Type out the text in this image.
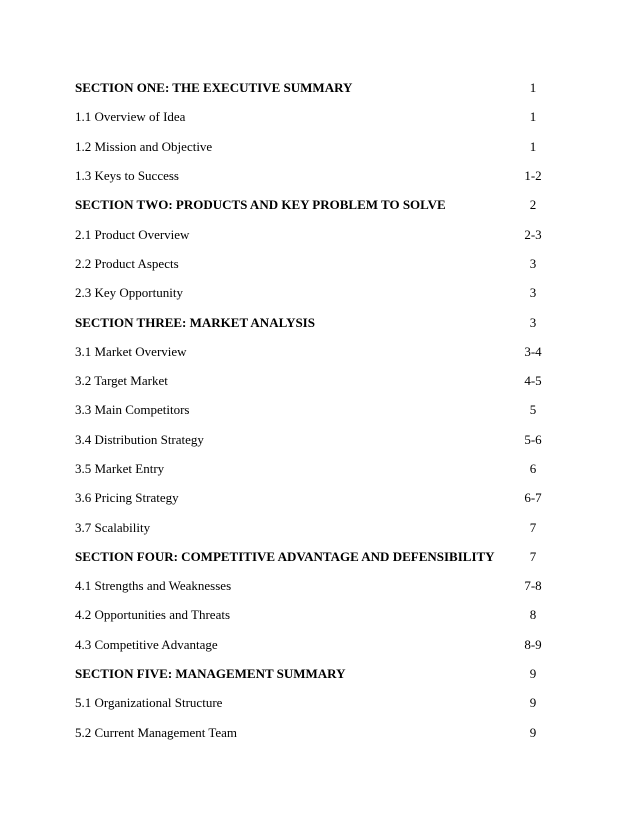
SECTION ONE: THE EXECUTIVE SUMMARY	1
1.1 Overview of Idea	1
1.2 Mission and Objective	1
1.3 Keys to Success	1-2
SECTION TWO: PRODUCTS AND KEY PROBLEM TO SOLVE	2
2.1 Product Overview	2-3
2.2 Product Aspects	3
2.3 Key Opportunity	3
SECTION THREE: MARKET ANALYSIS	3
3.1 Market Overview	3-4
3.2 Target Market	4-5
3.3 Main Competitors	5
3.4 Distribution Strategy	5-6
3.5 Market Entry	6
3.6 Pricing Strategy	6-7
3.7 Scalability	7
SECTION FOUR: COMPETITIVE ADVANTAGE AND DEFENSIBILITY	7
4.1 Strengths and Weaknesses	7-8
4.2 Opportunities and Threats	8
4.3 Competitive Advantage	8-9
SECTION FIVE: MANAGEMENT SUMMARY	9
5.1 Organizational Structure	9
5.2 Current Management Team	9
